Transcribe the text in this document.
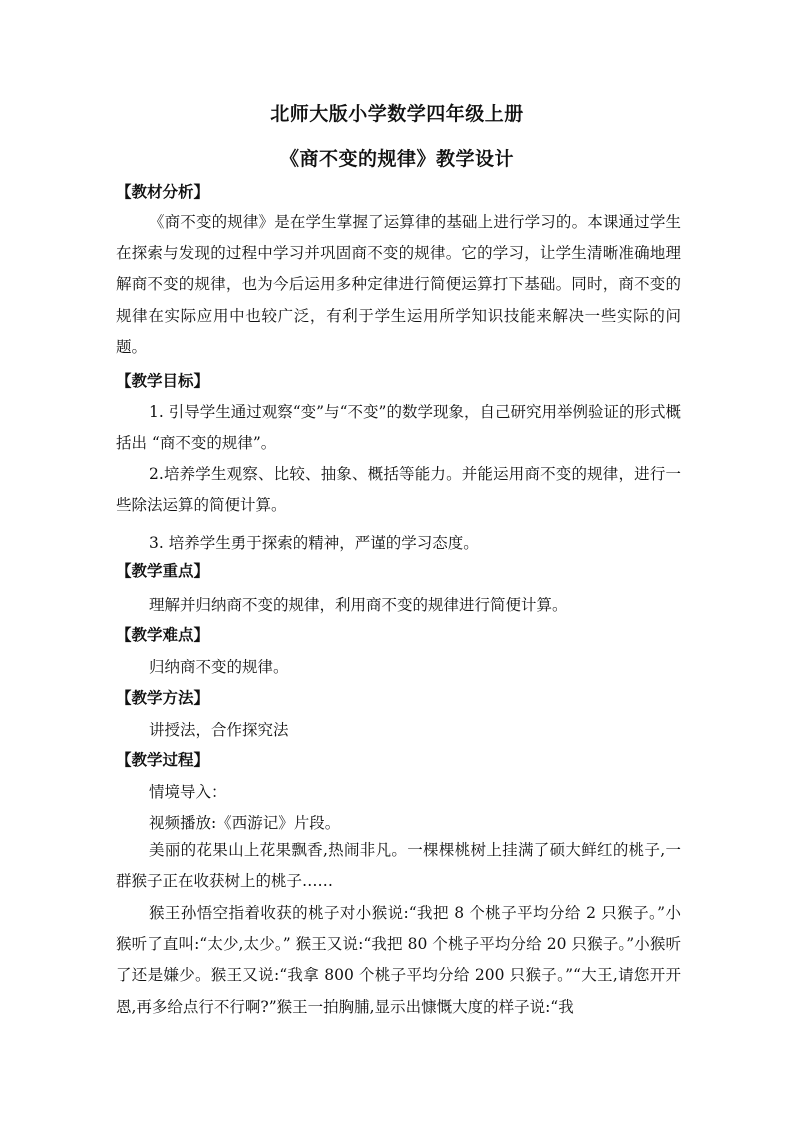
北师大版小学数学四年级上册
《商不变的规律》教学设计
【教材分析】
《商不变的规律》是在学生掌握了运算律的基础上进行学习的。本课通过学生在探索与发现的过程中学习并巩固商不变的规律。它的学习，让学生清晰准确地理解商不变的规律，也为今后运用多种定律进行简便运算打下基础。同时，商不变的规律在实际应用中也较广泛，有利于学生运用所学知识技能来解决一些实际的问题。
【教学目标】
1. 引导学生通过观察“变”与“不变”的数学现象，自己研究用举例验证的形式概括出 “商不变的规律”。
2.培养学生观察、比较、抽象、概括等能力。并能运用商不变的规律，进行一些除法运算的简便计算。
3. 培养学生勇于探索的精神，严谨的学习态度。
【教学重点】
理解并归纳商不变的规律，利用商不变的规律进行简便计算。
【教学难点】
归纳商不变的规律。
【教学方法】
讲授法，合作探究法
【教学过程】
情境导入：
视频播放:《西游记》片段。
美丽的花果山上花果飘香,热闹非凡。一棵棵桃树上挂满了硕大鲜红的桃子,一群猴子正在收获树上的桃子……
猴王孙悟空指着收获的桃子对小猴说:“我把 8 个桃子平均分给 2 只猴子。”小猴听了直叫:“太少,太少。” 猴王又说:“我把 80 个桃子平均分给 20 只猴子。”小猴听了还是嫌少。猴王又说:“我拿 800 个桃子平均分给 200 只猴子。”“大王,请您开开恩,再多给点行不行啊?”猴王一拍胸脯,显示出慷慨大度的样子说:“我
